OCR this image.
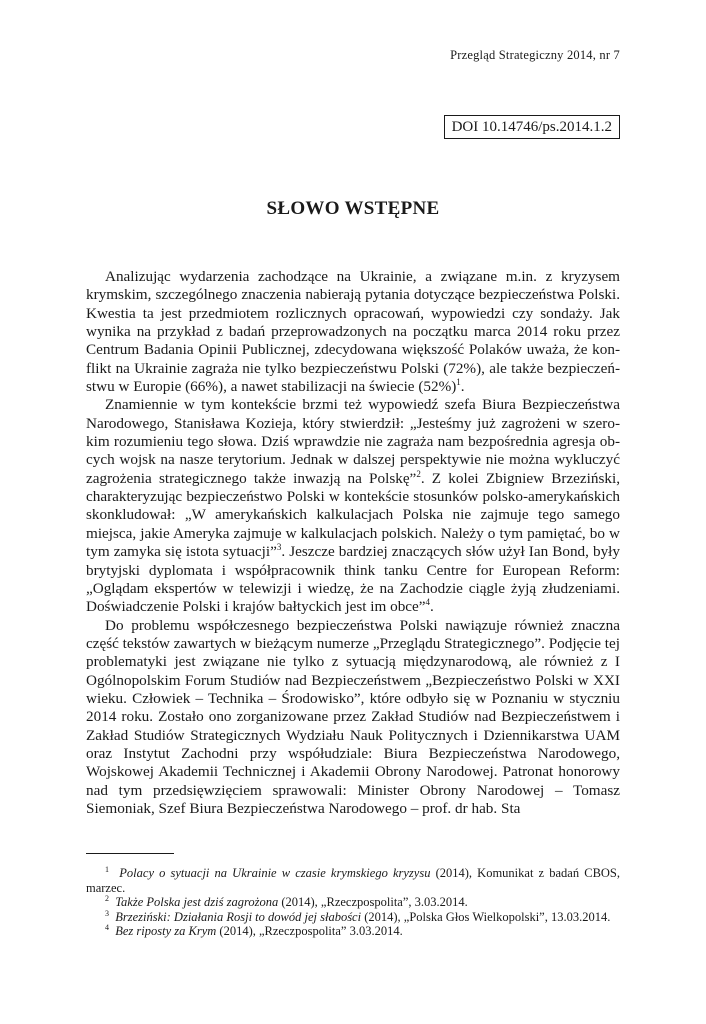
Przegląd Strategiczny 2014, nr 7
DOI 10.14746/ps.2014.1.2
SŁOWO WSTĘPNE

Analizując wydarzenia zachodzące na Ukrainie, a związane m.in. z kryzysem krymskim, szczególnego znaczenia nabierają pytania dotyczące bezpieczeństwa Polski. Kwestia ta jest przedmiotem rozlicznych opracowań, wypowiedzi czy sondaży. Jak wynika na przykład z badań przeprowadzonych na początku marca 2014 roku przez Centrum Badania Opinii Publicznej, zdecydowana większość Polaków uważa, że konflikt na Ukrainie zagraża nie tylko bezpieczeństwu Polski (72%), ale także bezpieczeństwu w Europie (66%), a nawet stabilizacji na świecie $(52\%)^1$.

Znamiennie w tym kontekście brzmi też wypowiedź szefa Biura Bezpieczeństwa Narodowego, Stanisława Kozieja, który stwierdził: „Jesteśmy już zagrożeni w szerokim rozumieniu tego słowa. Dziś wprawdzie nie zagraża nam bezpośrednia agresja obcych wojsk na nasze terytorium. Jednak w dalszej perspektywie nie można wykluczyć zagrożenia strategicznego także inwazją na Polskę”$^2$. Z kolei Zbigniew Brzeziński, charakteryzując bezpieczeństwo Polski w kontekście stosunków polsko-amerykańskich skonkludował: „W amerykańskich kalkulacjach Polska nie zajmuje tego samego miejsca, jakie Ameryka zajmuje w kalkulacjach polskich. Należy o tym pamiętać, bo w tym zamyka się istota sytuacji”$^3$. Jeszcze bardziej znaczących słów użył Ian Bond, były brytyjski dyplomata i współpracownik think tanku Centre for European Reform: „Oglądam ekspertów w telewizji i wiedzę, że na Zachodzie ciągle żyją złudzeniami. Doświadczenie Polski i krajów bałtyckich jest im obce”$^4$.

Do problemu współczesnego bezpieczeństwa Polski nawiązuje również znaczna część tekstów zawartych w bieżącym numerze „Przeglądu Strategicznego”. Podjęcie tej problematyki jest związane nie tylko z sytuacją międzynarodową, ale również z I Ogólnopolskim Forum Studiów nad Bezpieczeństwem „Bezpieczeństwo Polski w XXI wieku. Człowiek – Technika – Środowisko”, które odbyło się w Poznaniu w styczniu 2014 roku. Zostało ono zorganizowane przez Zakład Studiów nad Bezpieczeństwem i Zakład Studiów Strategicznych Wydziału Nauk Politycznych i Dziennikarstwa UAM oraz Instytut Zachodni przy współudziale: Biura Bezpieczeństwa Narodowego, Wojskowej Akademii Technicznej i Akademii Obrony Narodowej. Patronat honorowy nad tym przedsięwzięciem sprawowali: Minister Obrony Narodowej – Tomasz Siemoniak, Szef Biura Bezpieczeństwa Narodowego – prof. dr hab. Sta

$^1$ Polacy o sytuacji na Ukrainie w czasie krymskiego kryzysu (2014), Komunikat z badań CBOS, marzec.

$^2$ Także Polska jest dziś zagrożona (2014), „Rzeczpospolita”, 3.03.2014.

$^3$ Brzeziński: Działania Rosji to dowód jej słabości (2014), „Polska Głos Wielkopolski”, 13.03.2014.

$^4$ Bez riposty za Krym (2014), „Rzeczpospolita” 3.03.2014.
